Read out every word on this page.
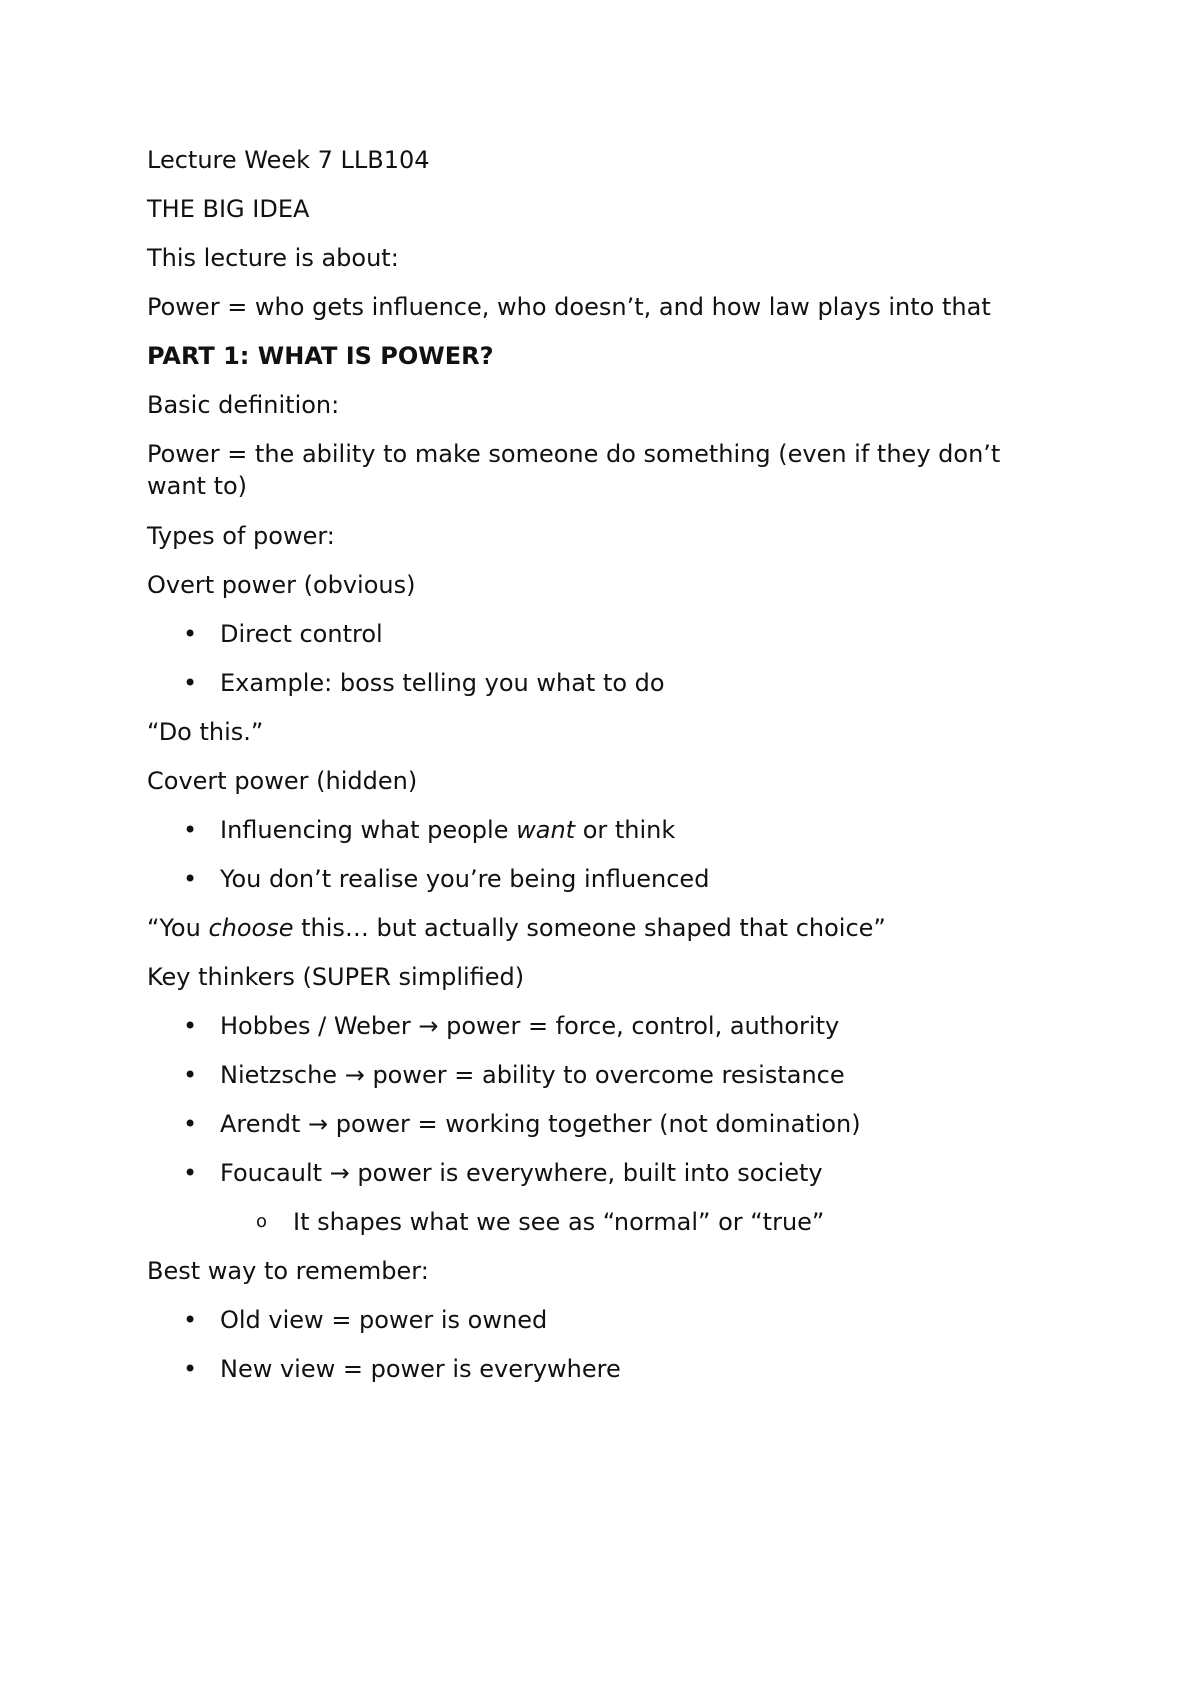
Lecture Week 7 LLB104

THE BIG IDEA

This lecture is about:

Power = who gets influence, who doesn’t, and how law plays into that

PART 1: WHAT IS POWER?

Basic definition:

Power = the ability to make someone do something (even if they don’t want to)

Types of power:

Overt power (obvious)

• Direct control
• Example: boss telling you what to do

“Do this.”

Covert power (hidden)

• Influencing what people want or think
• You don’t realise you’re being influenced

“You choose this… but actually someone shaped that choice”

Key thinkers (SUPER simplified)

• Hobbes / Weber → power = force, control, authority
• Nietzsche → power = ability to overcome resistance
• Arendt → power = working together (not domination)
• Foucault → power is everywhere, built into society
o It shapes what we see as “normal” or “true”

Best way to remember:

• Old view = power is owned
• New view = power is everywhere
